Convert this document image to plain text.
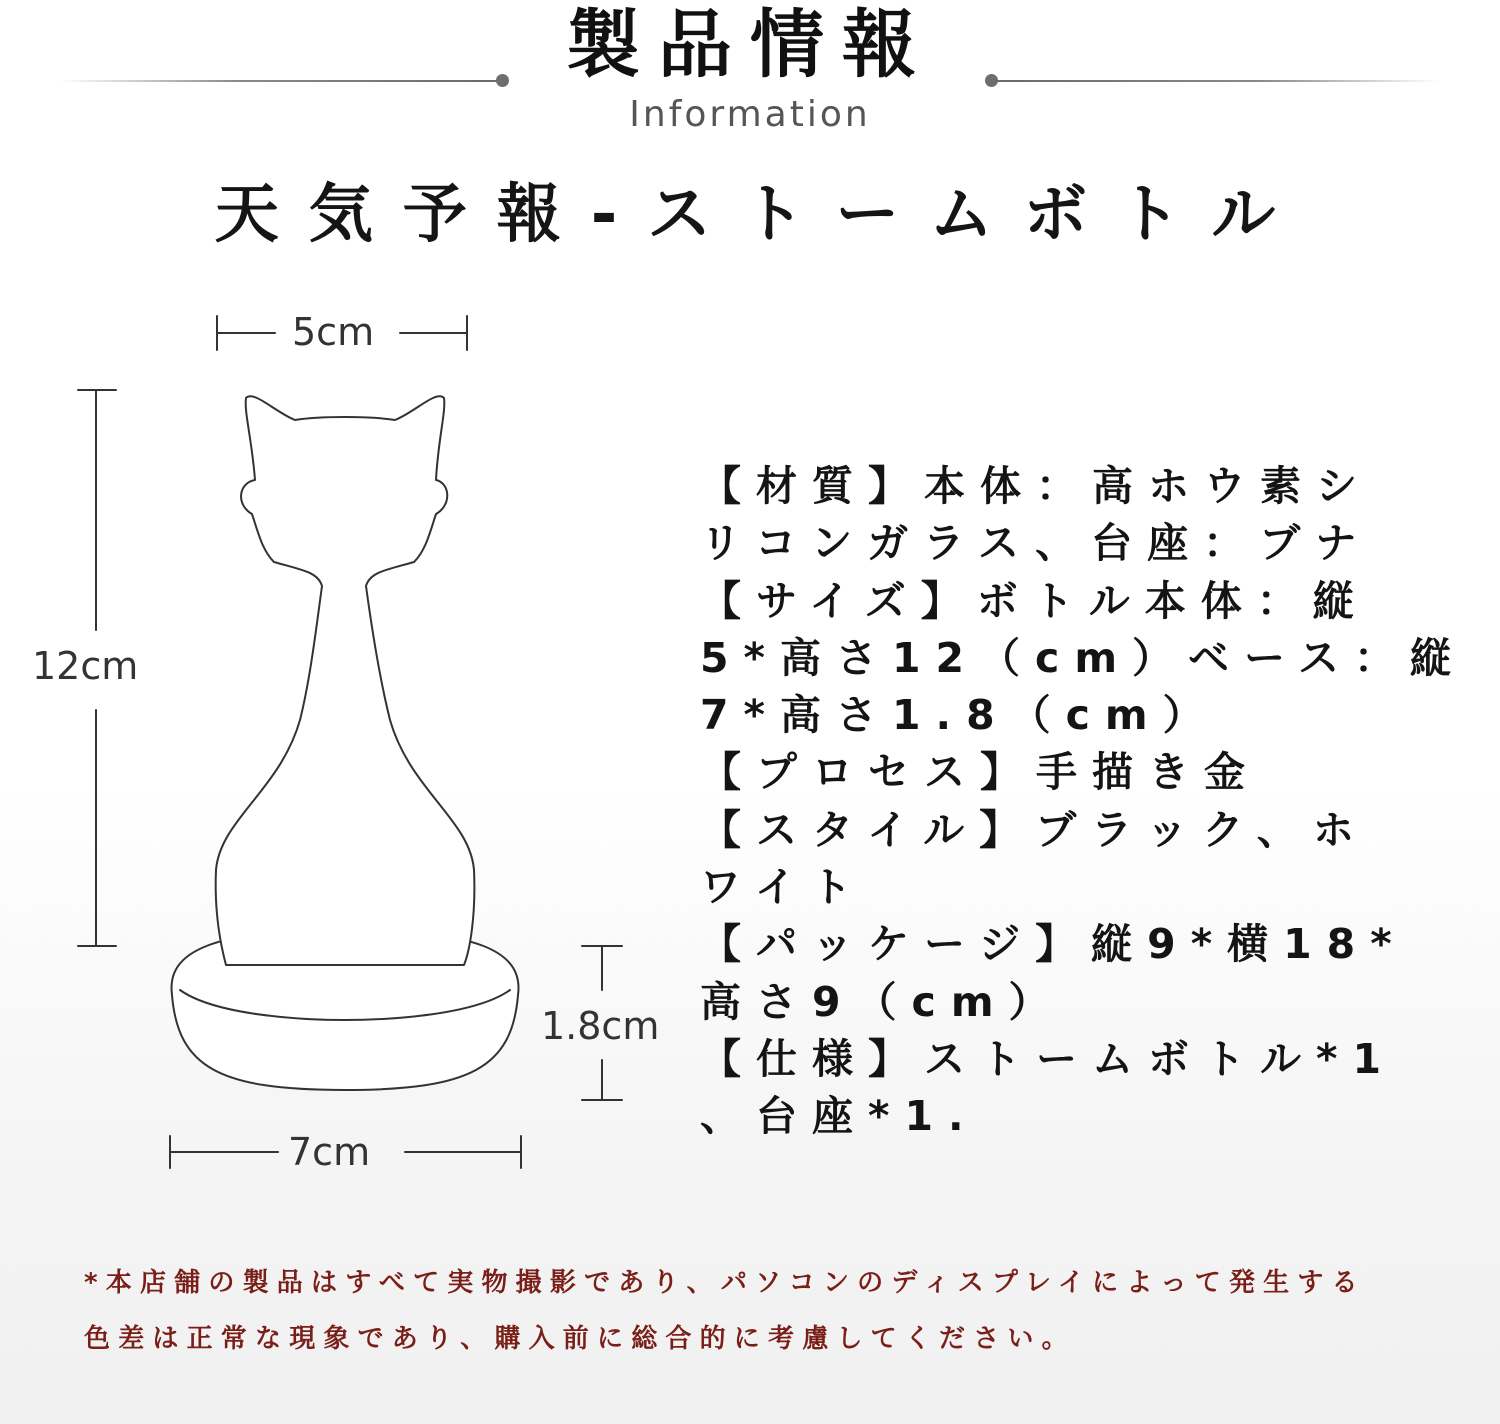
製品情報
Information
天気予報-ストームボトル
5cm
12cm
1.8cm
7cm
【材質】本体：高ホウ素シ
リコンガラス、台座：ブナ
【サイズ】ボトル本体：縦
5*高さ12（cm）ベース：縦
7*高さ1.8（cm）
【プロセス】手描き金
【スタイル】ブラック、ホ
ワイト
【パッケージ】縦9*横18*
高さ9（cm）
【仕様】ストームボトル*1
、台座*1.
*本店舗の製品はすべて実物撮影であり、パソコンのディスプレイによって発生する
色差は正常な現象であり、購入前に総合的に考慮してください。
